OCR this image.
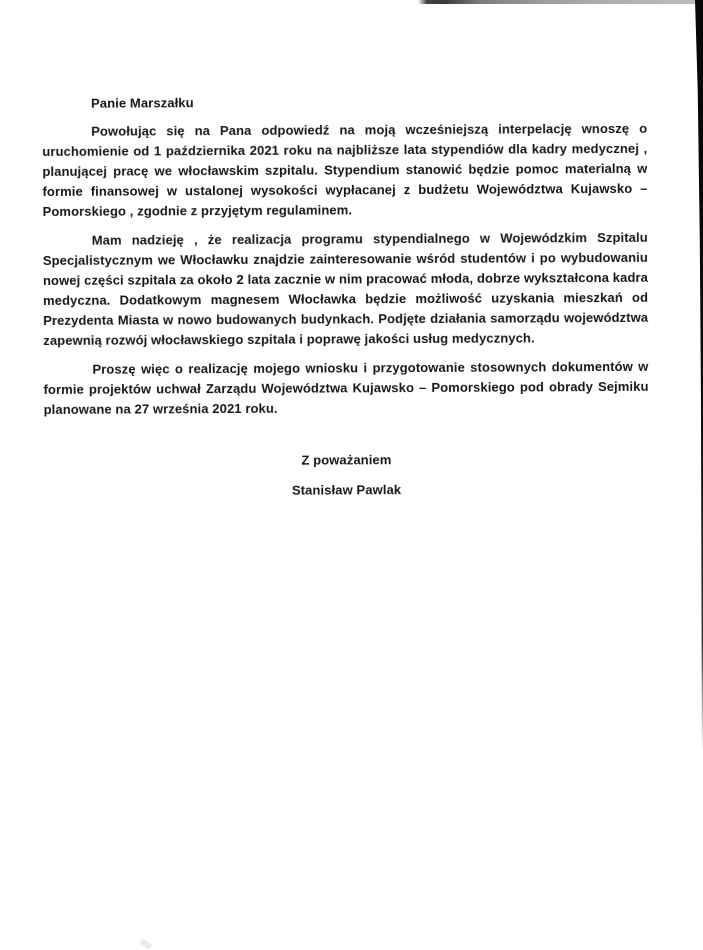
Panie Marszałku

Powołując się na Pana odpowiedź na moją wcześniejszą interpelację wnoszę o uruchomienie od 1 października 2021 roku na najbliższe lata stypendiów dla kadry medycznej , planującej pracę we włocławskim szpitalu. Stypendium stanowić będzie pomoc materialną w formie finansowej w ustalonej wysokości wypłacanej z budżetu Województwa Kujawsko – Pomorskiego , zgodnie z przyjętym regulaminem.

Mam nadzieję , że realizacja programu stypendialnego w Wojewódzkim Szpitalu Specjalistycznym we Włocławku znajdzie zainteresowanie wśród studentów i po wybudowaniu nowej części szpitala za około 2 lata zacznie w nim pracować młoda, dobrze wykształcona kadra medyczna. Dodatkowym magnesem Włocławka będzie możliwość uzyskania mieszkań od Prezydenta Miasta w nowo budowanych budynkach. Podjęte działania samorządu województwa zapewnią rozwój włocławskiego szpitala i poprawę jakości usług medycznych.

Proszę więc o realizację mojego wniosku i przygotowanie stosownych dokumentów w formie projektów uchwał Zarządu Województwa Kujawsko – Pomorskiego pod obrady Sejmiku planowane na 27 września 2021 roku.

Z poważaniem

Stanisław Pawlak
